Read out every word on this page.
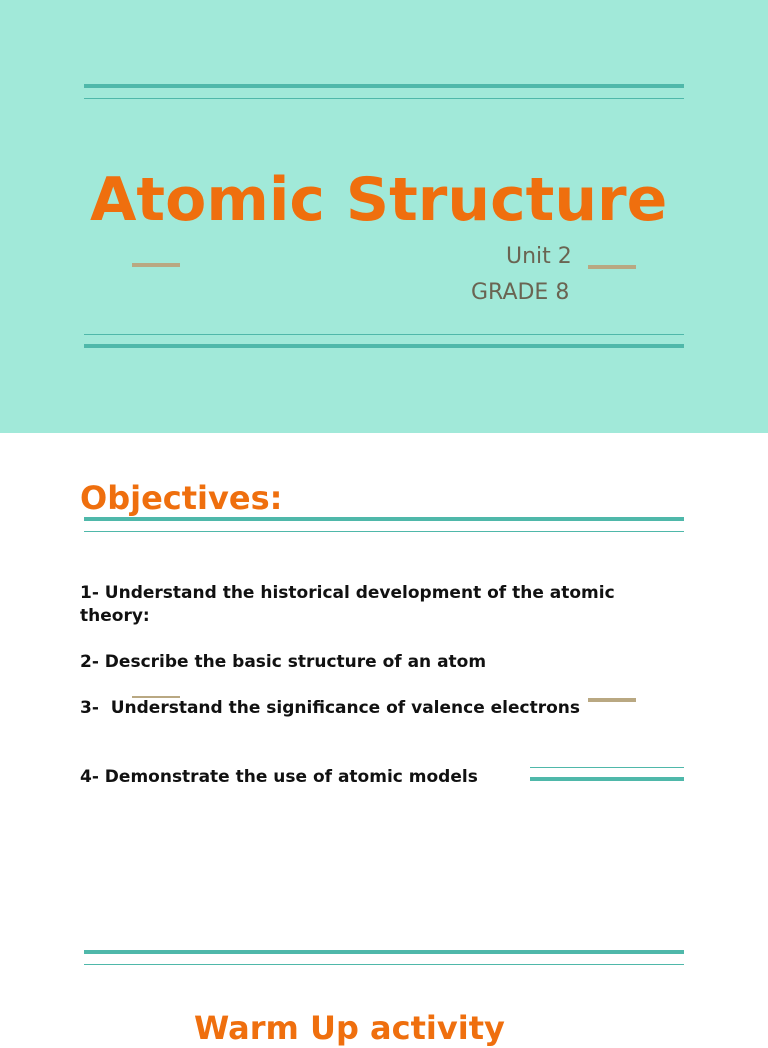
Atomic Structure
Unit 2
GRADE 8
Objectives:
1- Understand the historical development of the atomic theory:
2- Describe the basic structure of an atom
3-  Understand the significance of valence electrons
4- Demonstrate the use of atomic models
Warm Up activity
